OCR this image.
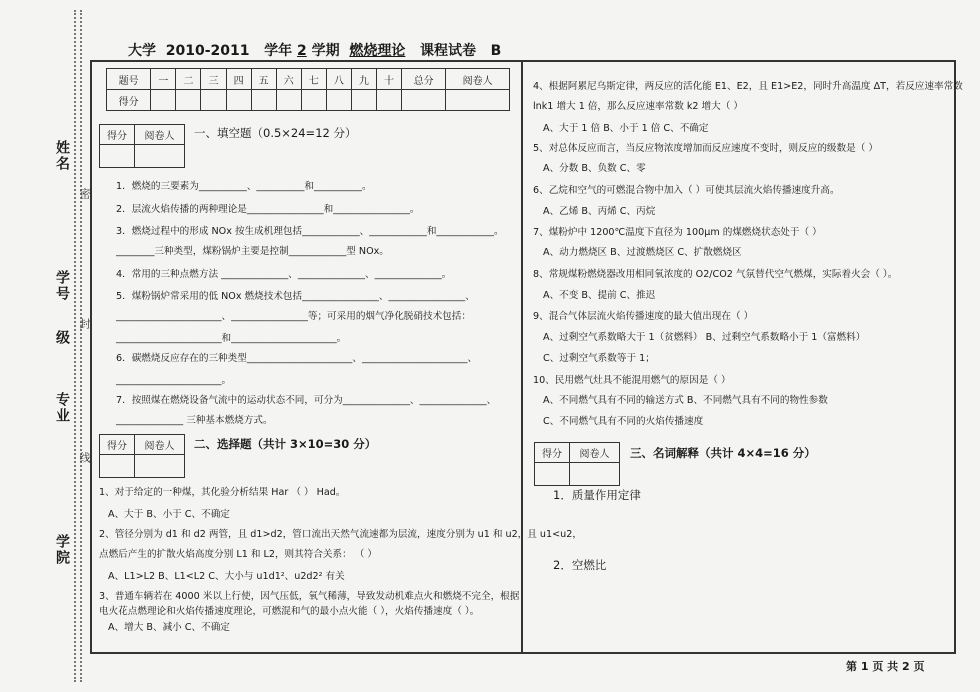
姓名
学号
级
专业
学院
密
封
线
大学 2010-2011 学年 2 学期 燃烧理论 课程试卷 B
题号	一	二	三	四	五	六	七	八	九	十	总分	阅卷人
得分												
得分	阅卷人
	一、填空题（0.5×24=12 分）
1．燃烧的三要素为__________、__________和__________。
2．层流火焰传播的两种理论是________________和________________。
3．燃烧过程中的形成 NOx 按生成机理包括____________、____________和____________。
________三种类型，煤粉锅炉主要是控制____________型 NOx。
4．常用的三种点燃方法 ______________、______________、______________。
5．煤粉锅炉常采用的低 NOx 燃烧技术包括________________、________________、
______________________、________________等；可采用的烟气净化脱硝技术包括：
______________________和______________________。
6．碳燃烧反应存在的三种类型______________________、______________________、
______________________。
7．按照煤在燃烧设备气流中的运动状态不同，可分为______________、______________、
______________ 三种基本燃烧方式。
得分	阅卷人
	二、选择题（共计 3×10=30 分）
1、对于给定的一种煤，其化验分析结果 Har （ ） Had。
A、大于 B、小于 C、不确定
2、管径分别为 d1 和 d2 两管，且 d1>d2，管口流出天然气流速都为层流，速度分别为 u1 和 u2，且 u1<u2，
点燃后产生的扩散火焰高度分别 L1 和 L2，则其符合关系： （ ）
A、L1>L2 B、L1<L2 C、大小与 u1d1²、u2d2² 有关
3、普通车辆若在 4000 米以上行使，因气压低，氧气稀薄，导致发动机难点火和燃烧不完全，根据
电火花点燃理论和火焰传播速度理论，可燃混和气的最小点火能（ ），火焰传播速度（ ）。
A、增大 B、减小 C、不确定
4、根据阿累尼乌斯定律，两反应的活化能 E1、E2，且 E1>E2，同时升高温度 ΔT，若反应速率常数
lnk1 增大 1 倍，那么反应速率常数 k2 增大（ ）
A、大于 1 倍 B、小于 1 倍 C、不确定
5、对总体反应而言，当反应物浓度增加而反应速度不变时，则反应的级数是（ ）
A、分数 B、负数 C、零
6、乙烷和空气的可燃混合物中加入（ ）可使其层流火焰传播速度升高。
A、乙烯 B、丙烯 C、丙烷
7、煤粉炉中 1200℃温度下直径为 100μm 的煤燃烧状态处于（ ）
A、动力燃烧区 B、过渡燃烧区 C、扩散燃烧区
8、常规煤粉燃烧器改用相同氧浓度的 O2/CO2 气氛替代空气燃煤，实际着火会（ ）。
A、不变 B、提前 C、推迟
9、混合气体层流火焰传播速度的最大值出现在（ ）
A、过剩空气系数略大于 1（贫燃料） B、过剩空气系数略小于 1（富燃料）
C、过剩空气系数等于 1；
10、民用燃气灶具不能混用燃气的原因是（ ）
A、不同燃气具有不同的输送方式 B、不同燃气具有不同的物性参数
C、不同燃气具有不同的火焰传播速度
得分	阅卷人
	三、名词解释（共计 4×4=16 分）
1．质量作用定律
2．空燃比
第 1 页 共 2 页
